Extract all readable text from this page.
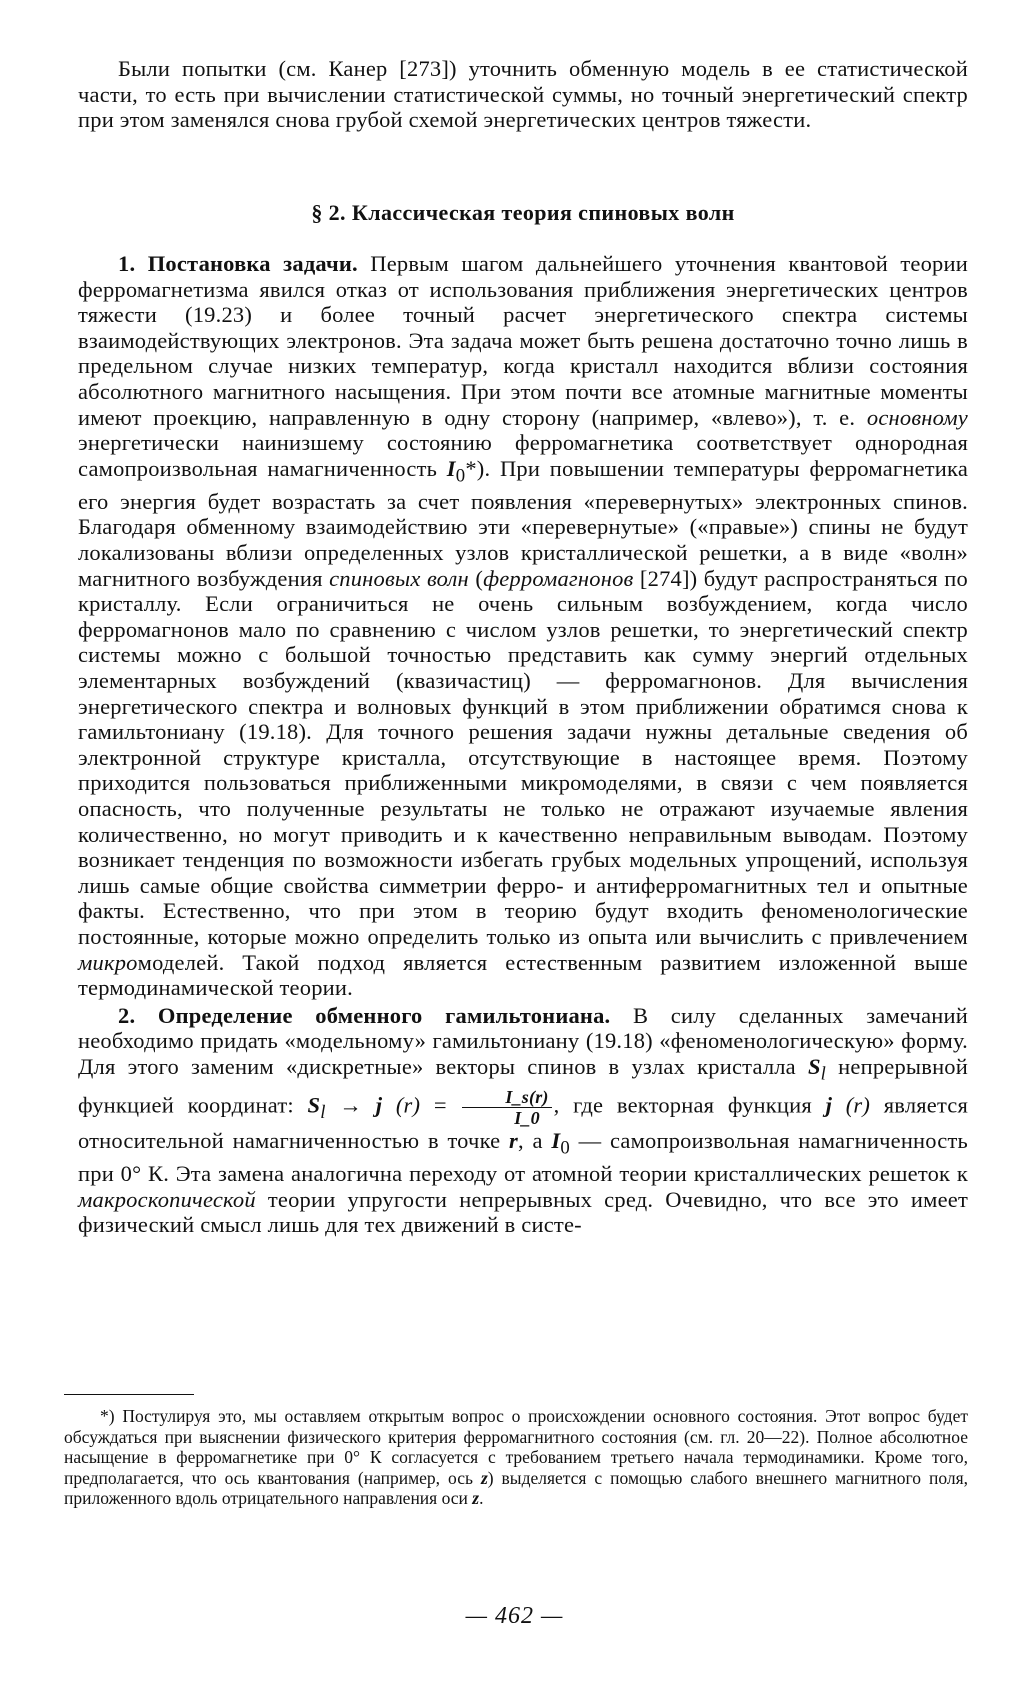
Были попытки (см. Канер [273]) уточнить обменную модель в ее статистической части, то есть при вычислении статистической суммы, но точный энергетический спектр при этом заменялся снова грубой схемой энергетических центров тяжести.

§ 2. Классическая теория спиновых волн

1. Постановка задачи. Первым шагом дальнейшего уточнения квантовой теории ферромагнетизма явился отказ от использования приближения энергетических центров тяжести (19.23) и более точный расчет энергетического спектра системы взаимодействующих электронов. Эта задача может быть решена достаточно точно лишь в предельном случае низких температур, когда кристалл находится вблизи состояния абсолютного магнитного насыщения. При этом почти все атомные магнитные моменты имеют проекцию, направленную в одну сторону (например, «влево»), т. е. основному энергетически наинизшему состоянию ферромагнетика соответствует однородная самопроизвольная намагниченность $I_0*$). При повышении температуры ферромагнетика его энергия будет возрастать за счет появления «перевернутых» электронных спинов. Благодаря обменному взаимодействию эти «перевернутые» («правые») спины не будут локализованы вблизи определенных узлов кристаллической решетки, а в виде «волн» магнитного возбуждения спиновых волн (ферромагнонов [274]) будут распространяться по кристаллу. Если ограничиться не очень сильным возбуждением, когда число ферромагнонов мало по сравнению с числом узлов решетки, то энергетический спектр системы можно с большой точностью представить как сумму энергий отдельных элементарных возбуждений (квазичастиц) — ферромагнонов. Для вычисления энергетического спектра и волновых функций в этом приближении обратимся снова к гамильтониану (19.18). Для точного решения задачи нужны детальные сведения об электронной структуре кристалла, отсутствующие в настоящее время. Поэтому приходится пользоваться приближенными микромоделями, в связи с чем появляется опасность, что полученные результаты не только не отражают изучаемые явления количественно, но могут приводить и к качественно неправильным выводам. Поэтому возникает тенденция по возможности избегать грубых модельных упрощений, используя лишь самые общие свойства симметрии ферро- и антиферромагнитных тел и опытные факты. Естественно, что при этом в теорию будут входить феноменологические постоянные, которые можно определить только из опыта или вычислить с привлечением микромоделей. Такой подход является естественным развитием изложенной выше термодинамической теории.

2. Определение обменного гамильтониана. В силу сделанных замечаний необходимо придать «модельному» гамильтониану (19.18) «феноменологическую» форму. Для этого заменим «дискретные» векторы спинов в узлах кристалла $S_l$ непрерывной функцией координат: $S_l \to j$ $(r) = \frac{I\_s(r)}{I\_0}$ , где векторная функция j (r) является относительной намагниченностью в точке r, а $I_0$ — самопроизвольная намагниченность при 0° К. Эта замена аналогична переходу от атомной теории кристаллических решеток к макроскопической теории упругости непрерывных сред. Очевидно, что все это имеет физический смысл лишь для тех движений в систе-

*) Постулируя это, мы оставляем открытым вопрос о происхождении основного состояния. Этот вопрос будет обсуждаться при выяснении физического критерия ферромагнитного состояния (см. гл. 20—22). Полное абсолютное насыщение в ферромагнетике при 0° К согласуется с требованием третьего начала термодинамики. Кроме того, предполагается, что ось квантования (например, ось z) выделяется с помощью слабого внешнего магнитного поля, приложенного вдоль отрицательного направления оси z.

— 462 —
